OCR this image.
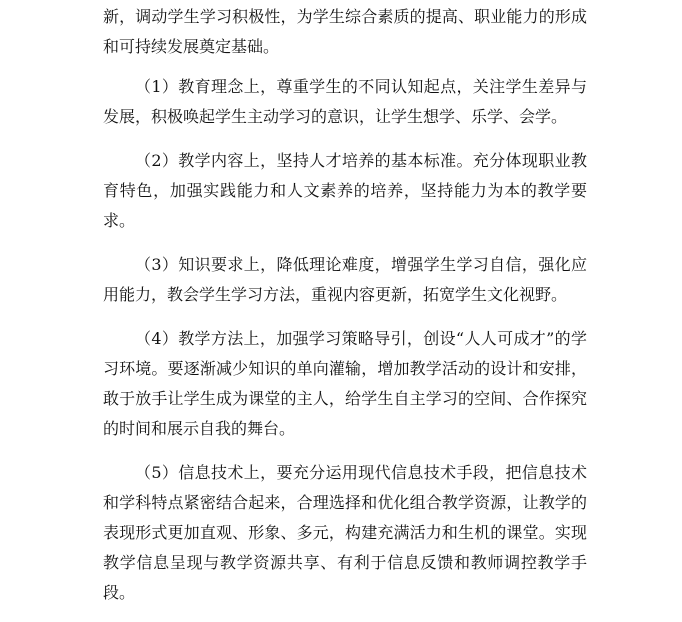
新，调动学生学习积极性，为学生综合素质的提高、职业能力的形成和可持续发展奠定基础。

（1）教育理念上，尊重学生的不同认知起点，关注学生差异与发展，积极唤起学生主动学习的意识，让学生想学、乐学、会学。

（2）教学内容上，坚持人才培养的基本标准。充分体现职业教育特色，加强实践能力和人文素养的培养，坚持能力为本的教学要求。

（3）知识要求上，降低理论难度，增强学生学习自信，强化应用能力，教会学生学习方法，重视内容更新，拓宽学生文化视野。

（4）教学方法上，加强学习策略导引，创设“人人可成才”的学习环境。要逐渐减少知识的单向灌输，增加教学活动的设计和安排，敢于放手让学生成为课堂的主人，给学生自主学习的空间、合作探究的时间和展示自我的舞台。

（5）信息技术上，要充分运用现代信息技术手段，把信息技术和学科特点紧密结合起来，合理选择和优化组合教学资源，让教学的表现形式更加直观、形象、多元，构建充满活力和生机的课堂。实现教学信息呈现与教学资源共享、有利于信息反馈和教师调控教学手段。
